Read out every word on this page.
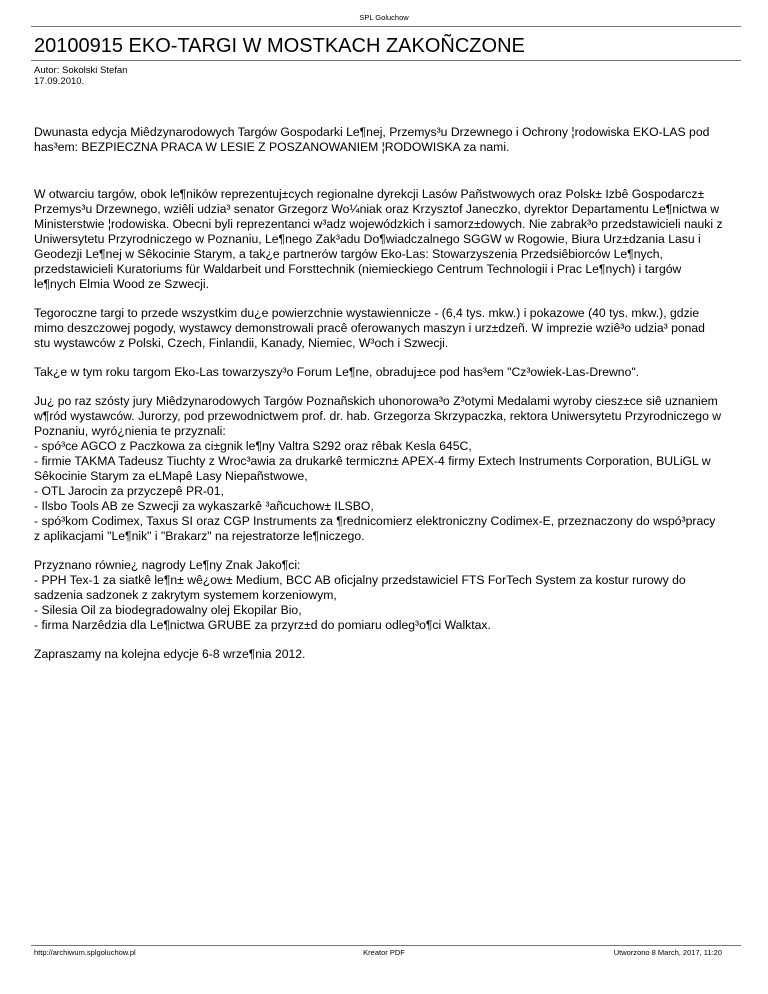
SPL Goluchow
20100915 EKO-TARGI W MOSTKACH ZAKOÑCZONE
Autor: Sokolski Stefan
17.09.2010.

Dwunasta edycja Miêdzynarodowych Targów Gospodarki Le¶nej, Przemys³u Drzewnego i Ochrony ¦rodowiska EKO-LAS pod has³em: BEZPIECZNA PRACA W LESIE Z POSZANOWANIEM ¦RODOWISKA za nami.

W otwarciu targów, obok le¶ników reprezentuj±cych regionalne dyrekcji Lasów Pañstwowych oraz Polsk± Izbê Gospodarcz± Przemys³u Drzewnego, wziêli udzia³ senator Grzegorz Wo¼niak oraz Krzysztof Janeczko, dyrektor Departamentu Le¶nictwa w Ministerstwie ¦rodowiska. Obecni byli reprezentanci w³adz wojewódzkich i samorz±dowych. Nie zabrak³o przedstawicieli nauki z Uniwersytetu Przyrodniczego w Poznaniu, Le¶nego Zak³adu Do¶wiadczalnego SGGW w Rogowie, Biura Urz±dzania Lasu i Geodezji Le¶nej w Sêkocinie Starym, a tak¿e partnerów targów Eko-Las: Stowarzyszenia Przedsiêbiorców Le¶nych, przedstawicieli Kuratoriums für Waldarbeit und Forsttechnik (niemieckiego Centrum Technologii i Prac Le¶nych) i targów le¶nych Elmia Wood ze Szwecji.

Tegoroczne targi to przede wszystkim du¿e powierzchnie wystawiennicze - (6,4 tys. mkw.) i pokazowe (40 tys. mkw.), gdzie mimo deszczowej pogody, wystawcy demonstrowali pracê oferowanych maszyn i urz±dzeñ. W imprezie wziê³o udzia³ ponad stu wystawców z Polski, Czech, Finlandii, Kanady, Niemiec, W³och i Szwecji.

Tak¿e w tym roku targom Eko-Las towarzyszy³o Forum Le¶ne, obraduj±ce pod has³em "Cz³owiek-Las-Drewno".

Ju¿ po raz szósty jury Miêdzynarodowych Targów Poznañskich uhonorowa³o Z³otymi Medalami wyroby ciesz±ce siê uznaniem w¶ród wystawców. Jurorzy, pod przewodnictwem prof. dr. hab. Grzegorza Skrzypaczka, rektora Uniwersytetu Przyrodniczego w Poznaniu, wyró¿nienia te przyznali:

- spó³ce AGCO z Paczkowa za ci±gnik le¶ny Valtra S292 oraz rêbak Kesla 645C,

- firmie TAKMA Tadeusz Tiuchty z Wroc³awia za drukarkê termiczn± APEX-4 firmy Extech Instruments Corporation, BULiGL w Sêkocinie Starym za eLMapê Lasy Niepañstwowe,

- OTL Jarocin za przyczepê PR-01,

- Ilsbo Tools AB ze Szwecji za wykaszarkê ³añcuchow± ILSBO,

- spó³kom Codimex, Taxus SI oraz CGP Instruments za ¶rednicomierz elektroniczny Codimex-E, przeznaczony do wspó³pracy z aplikacjami "Le¶nik" i "Brakarz" na rejestratorze le¶niczego.

Przyznano równie¿ nagrody Le¶ny Znak Jako¶ci:

- PPH Tex-1 za siatkê le¶n± wê¿ow± Medium, BCC AB oficjalny przedstawiciel FTS ForTech System za kostur rurowy do sadzenia sadzonek z zakrytym systemem korzeniowym,

- Silesia Oil za biodegradowalny olej Ekopilar Bio,

- firma Narzêdzia dla Le¶nictwa GRUBE za przyrz±d do pomiaru odleg³o¶ci Walktax.

Zapraszamy na kolejna edycje 6-8 wrze¶nia 2012.

http://archiwum.splgoluchow.pl	Kreator PDF	Utworzono 8 March, 2017, 11:20
